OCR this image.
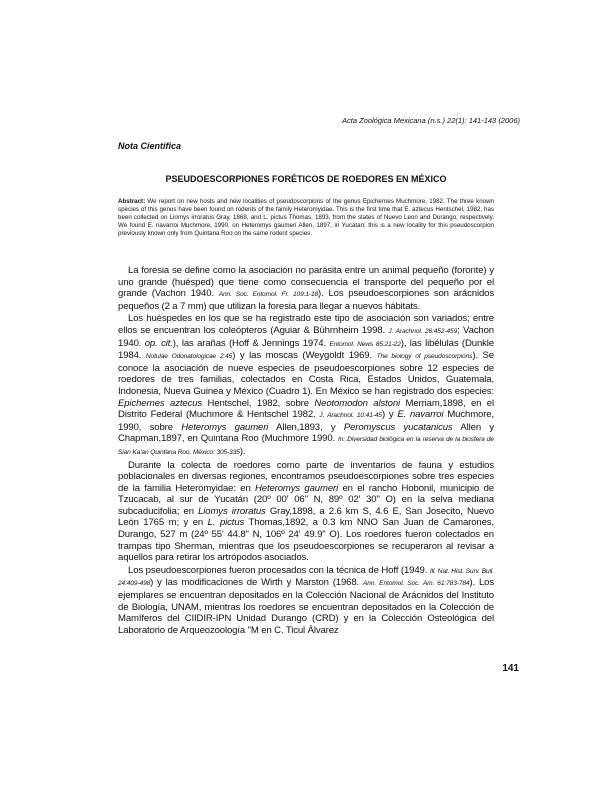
Acta Zoológica Mexicana (n.s.) 22(1): 141-143 (2006)
Nota Científica
PSEUDOESCORPIONES FORÉTICOS DE ROEDORES EN MÉXICO
Abstract: We report on new hosts and new localities of pseudoscorpions of the genus Epichernes Muchmore, 1982. The three known species of this genus have been found on rodents of the family Heteromyidae. This is the first time that E. aztecus Hentschel, 1982, has been collected on Liomys irroratus Gray, 1868, and L. pictus Thomas, 1893, from the states of Nuevo Leon and Durango, respectively. We found E. navarroi Muchmore, 1990, on Heteromys gaumeri Allen, 1897, in Yucatan; this is a new locality for this pseudoscorpion previously known only from Quintana Roo on the same rodent species.

La foresia se define como la asociación no parásita entre un animal pequeño (foronte) y uno grande (huésped) que tiene como consecuencia el transporte del pequeño por el grande (Vachon 1940. Ann. Soc. Entomol. Fr. 109:1-18). Los pseudoescorpiones son arácnidos pequeños (2 a 7 mm) que utilizan la foresia para llegar a nuevos hábitats.

Los huéspedes en los que se ha registrado este tipo de asociación son variados; entre ellos se encuentran los coleópteros (Aguiar & Bührnheim 1998. J. Arachnol. 26:452-459; Vachon 1940. op. cit.), las arañas (Hoff & Jennings 1974. Entomol. News 85:21-22), las libélulas (Dunkle 1984. Notulae Odonatologicae 2:45) y las moscas (Weygoldt 1969. The biology of pseudoscorpions). Se conoce la asociación de nueve especies de pseudoescorpiones sobre 12 especies de roedores de tres familias, colectados en Costa Rica, Estados Unidos, Guatemala, Indonesia, Nueva Guinea y México (Cuadro 1). En México se han registrado dos especies: Epichernes aztecus Hentschel, 1982, sobre Neotomodon alstoni Merriam,1898, en el Distrito Federal (Muchmore & Hentschel 1982. J. Arachnol. 10:41-45) y E. navarroi Muchmore, 1990, sobre Heteromys gaumeri Allen,1893, y Peromyscus yucatanicus Allen y Chapman,1897, en Quintana Roo (Muchmore 1990. In: Diversidad biológica en la reserva de la biosfera de Sian Ka'an Quintana Roo, México: 305-335).

Durante la colecta de roedores como parte de inventarios de fauna y estudios poblacionales en diversas regiones, encontramos pseudoescorpiones sobre tres especies de la familia Heteromyidae: en Heteromys gaumeri en el rancho Hobonil, municipio de Tzucacab, al sur de Yucatán (20º 00' 06" N, 89º 02' 30" O) en la selva mediana subcaducifolia; en Liomys irroratus Gray,1898, a 2.6 km S, 4.6 E, San Josecito, Nuevo León 1765 m; y en L. pictus Thomas,1892, a 0.3 km NNO San Juan de Camarones, Durango, 527 m (24º 55' 44.8" N, 106º 24' 49.9" O). Los roedores fueron colectados en trampas tipo Sherman, mientras que los pseudoescorpiones se recuperaron al revisar a aquellos para retirar los artrópodos asociados.

Los pseudoescorpiones fueron procesados con la técnica de Hoff (1949. Ill. Nat. Hist. Surv. Bull. 24:409-498) y las modificaciones de Wirth y Marston (1968. Ann. Entomol. Soc. Am. 61:783-784). Los ejemplares se encuentran depositados en la Colección Nacional de Arácnidos del Instituto de Biología, UNAM, mientras los roedores se encuentran depositados en la Colección de Mamíferos del CIIDIR-IPN Unidad Durango (CRD) y en la Colección Osteológica del Laboratorio de Arqueozoología "M en C. Ticul Álvarez

141
